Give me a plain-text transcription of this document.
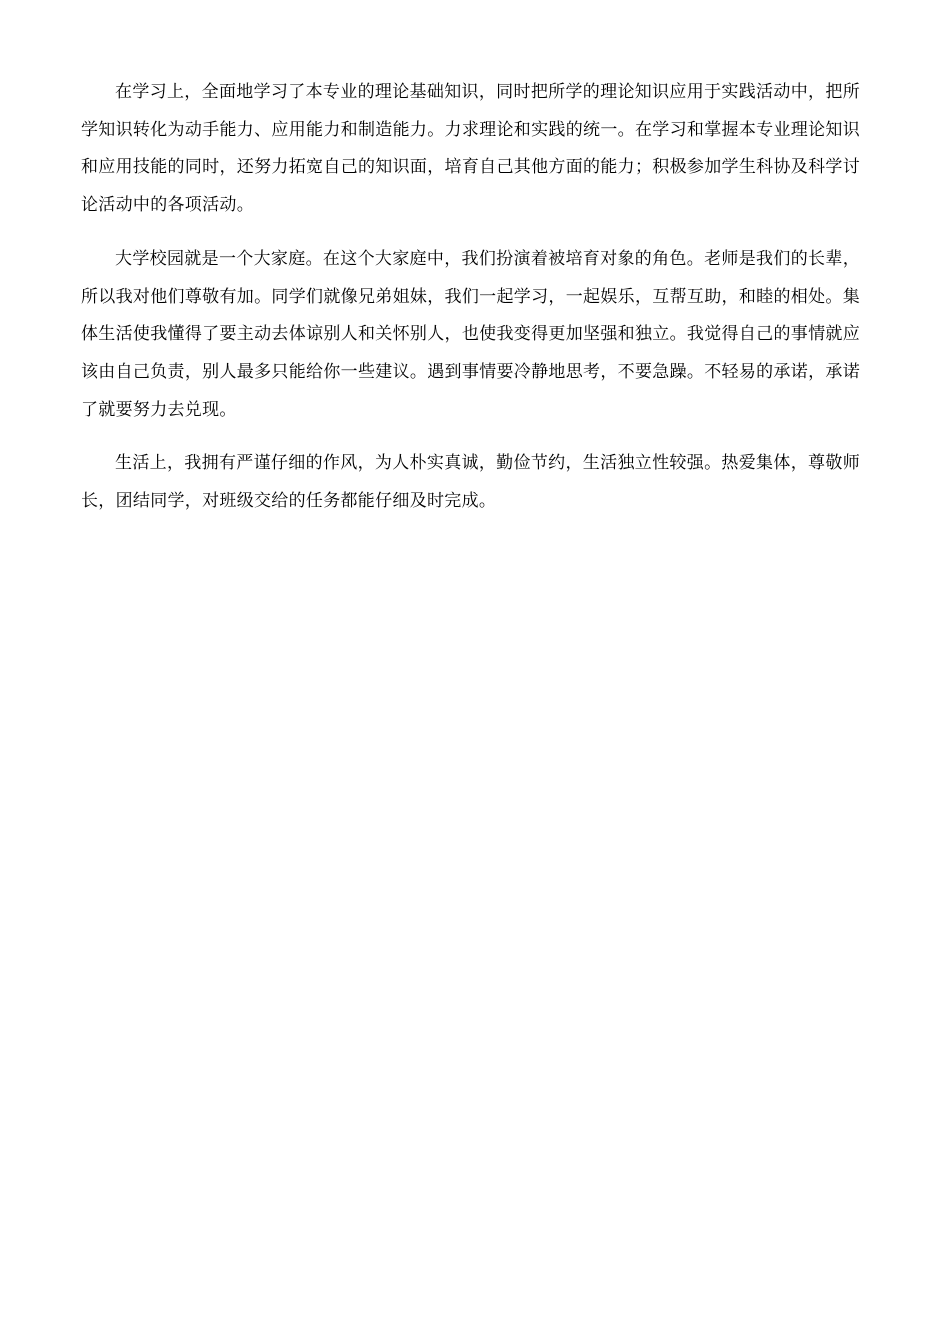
在学习上，全面地学习了本专业的理论基础知识，同时把所学的理论知识应用于实践活动中，把所学知识转化为动手能力、应用能力和制造能力。力求理论和实践的统一。在学习和掌握本专业理论知识和应用技能的同时，还努力拓宽自己的知识面，培育自己其他方面的能力；积极参加学生科协及科学讨论活动中的各项活动。

大学校园就是一个大家庭。在这个大家庭中，我们扮演着被培育对象的角色。老师是我们的长辈，所以我对他们尊敬有加。同学们就像兄弟姐妹，我们一起学习，一起娱乐，互帮互助，和睦的相处。集体生活使我懂得了要主动去体谅别人和关怀别人，也使我变得更加坚强和独立。我觉得自己的事情就应该由自己负责，别人最多只能给你一些建议。遇到事情要冷静地思考，不要急躁。不轻易的承诺，承诺了就要努力去兑现。

生活上，我拥有严谨仔细的作风，为人朴实真诚，勤俭节约，生活独立性较强。热爱集体，尊敬师长，团结同学，对班级交给的任务都能仔细及时完成。
